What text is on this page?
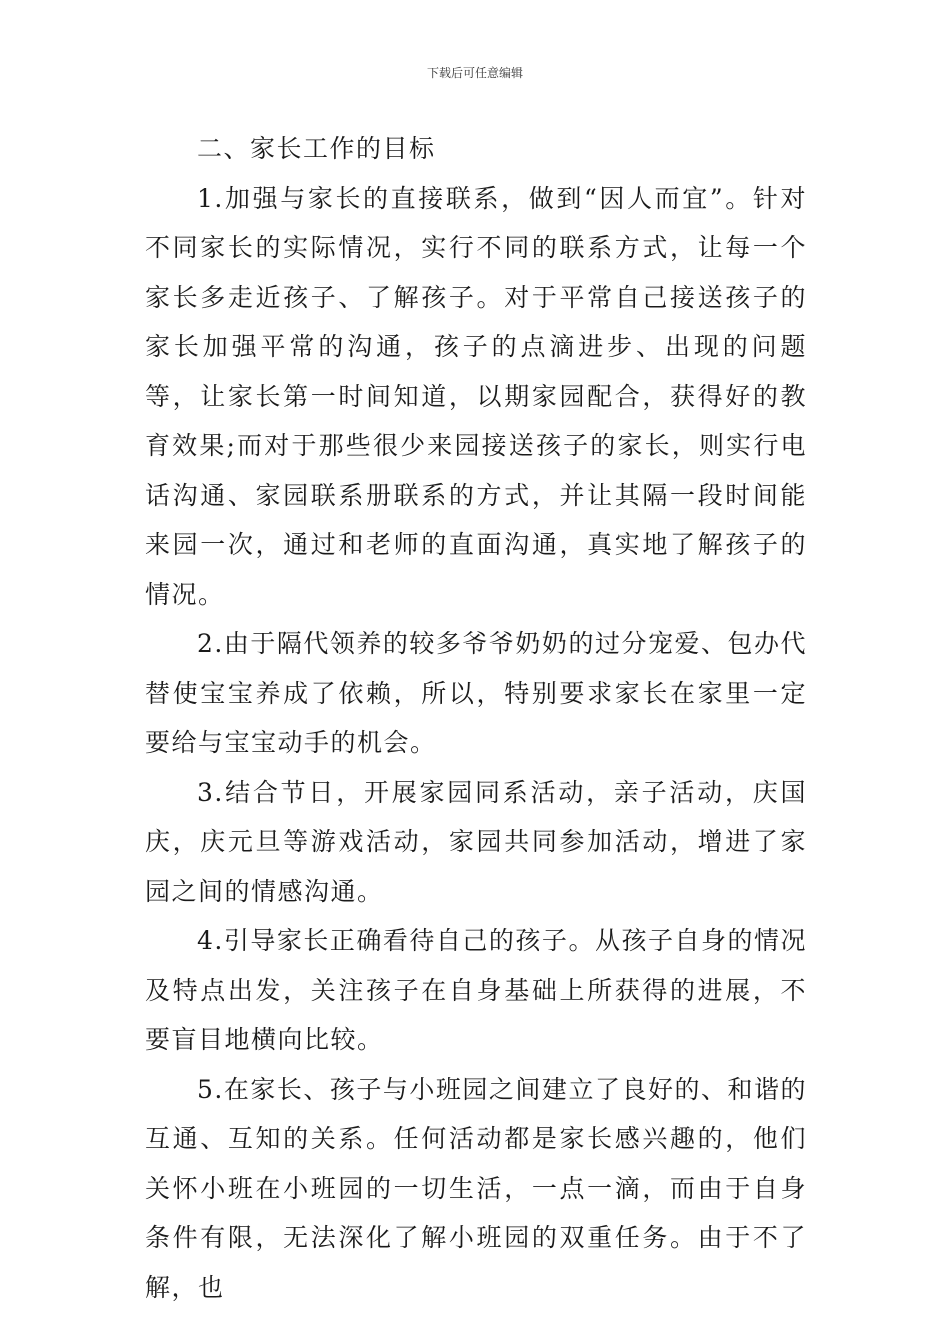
下载后可任意编辑

二、家长工作的目标

1.加强与家长的直接联系，做到“因人而宜”。针对不同家长的实际情况，实行不同的联系方式，让每一个家长多走近孩子、了解孩子。对于平常自己接送孩子的家长加强平常的沟通，孩子的点滴进步、出现的问题等，让家长第一时间知道，以期家园配合，获得好的教育效果;而对于那些很少来园接送孩子的家长，则实行电话沟通、家园联系册联系的方式，并让其隔一段时间能来园一次，通过和老师的直面沟通，真实地了解孩子的情况。

2.由于隔代领养的较多爷爷奶奶的过分宠爱、包办代替使宝宝养成了依赖，所以，特别要求家长在家里一定要给与宝宝动手的机会。

3.结合节日，开展家园同系活动，亲子活动，庆国庆，庆元旦等游戏活动，家园共同参加活动，增进了家园之间的情感沟通。

4.引导家长正确看待自己的孩子。从孩子自身的情况及特点出发，关注孩子在自身基础上所获得的进展，不要盲目地横向比较。

5.在家长、孩子与小班园之间建立了良好的、和谐的互通、互知的关系。任何活动都是家长感兴趣的，他们关怀小班在小班园的一切生活，一点一滴，而由于自身条件有限，无法深化了解小班园的双重任务。由于不了解，也
